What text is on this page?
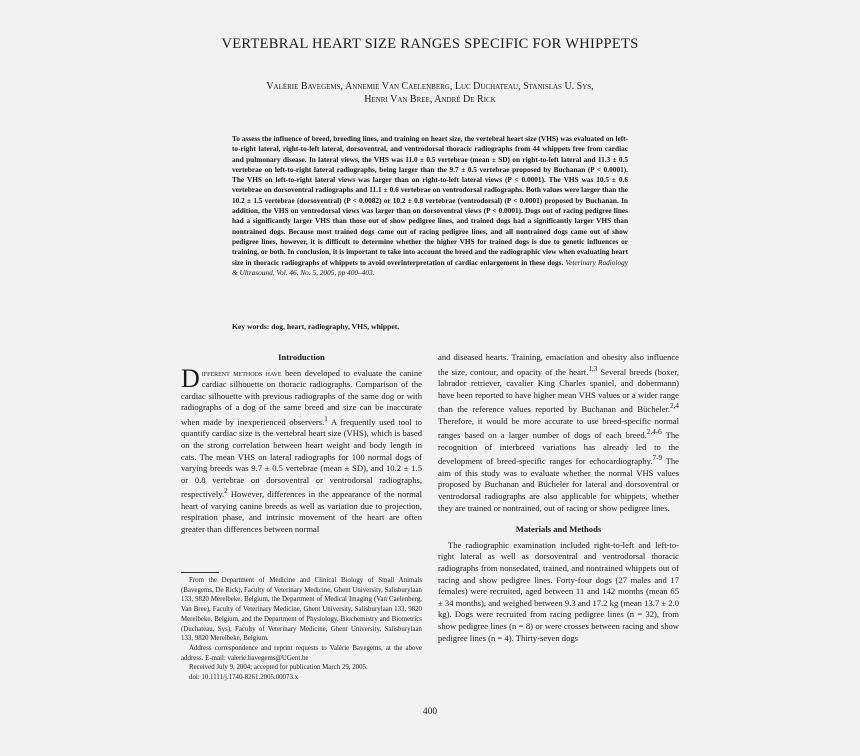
VERTEBRAL HEART SIZE RANGES SPECIFIC FOR WHIPPETS
Valérie Bavegems, Annemie Van Caelenberg, Luc Duchateau, Stanislas U. Sys,
Henri Van Bree, André De Rick

To assess the influence of breed, breeding lines, and training on heart size, the vertebral heart size (VHS) was evaluated on left-to-right lateral, right-to-left lateral, dorsoventral, and ventrodorsal thoracic radiographs from 44 whippets free from cardiac and pulmonary disease. In lateral views, the VHS was 11.0 ± 0.5 vertebrae (mean ± SD) on right-to-left lateral and 11.3 ± 0.5 vertebrae on left-to-right lateral radiographs, being larger than the 9.7 ± 0.5 vertebrae proposed by Buchanan (P < 0.0001). The VHS on left-to-right lateral views was larger than on right-to-left lateral views (P < 0.0001). The VHS was 10.5 ± 0.6 vertebrae on dorsoventral radiographs and 11.1 ± 0.6 vertebrae on ventrodorsal radiographs. Both values were larger than the 10.2 ± 1.5 vertebrae (dorsoventral) (P < 0.0082) or 10.2 ± 0.8 vertebrae (ventrodorsal) (P < 0.0001) proposed by Buchanan. In addition, the VHS on ventrodorsal views was larger than on dorsoventral views (P < 0.0001). Dogs out of racing pedigree lines had a significantly larger VHS than those out of show pedigree lines, and trained dogs had a significantly larger VHS than nontrained dogs. Because most trained dogs came out of racing pedigree lines, and all nontrained dogs came out of show pedigree lines, however, it is difficult to determine whether the higher VHS for trained dogs is due to genetic influences or training, or both. In conclusion, it is important to take into account the breed and the radiographic view when evaluating heart size in thoracic radiographs of whippets to avoid overinterpretation of cardiac enlargement in these dogs. Veterinary Radiology & Ultrasound, Vol. 46, No. 5, 2005, pp 400–403.

Key words: dog, heart, radiography, VHS, whippet.
Introduction

Different methods have been developed to evaluate the canine cardiac silhouette on thoracic radiographs. Comparison of the cardiac silhouette with previous radiographs of the same dog or with radiographs of a dog of the same breed and size can be inaccurate when made by inexperienced observers.$^1$ A frequently used tool to quantify cardiac size is the vertebral heart size (VHS), which is based on the strong correlation between heart weight and body length in cats. The mean VHS on lateral radiographs for 100 normal dogs of varying breeds was 9.7 ± 0.5 vertebrae (mean ± SD), and 10.2 ± 1.5 or 0.8 vertebrae on dorsoventral or ventrodorsal radiographs, respectively.$^2$ However, differences in the appearance of the normal heart of varying canine breeds as well as variation due to projection, respiration phase, and intrinsic movement of the heart are often greater than differences between normal

From the Department of Medicine and Clinical Biology of Small Animals (Bavegems, De Rick), Faculty of Veterinary Medicine, Ghent University, Salisburylaan 133, 9820 Merelbeke, Belgium, the Department of Medical Imaging (Van Caelenberg, Van Bree), Faculty of Veterinary Medicine, Ghent University, Salisburylaan 133, 9820 Merelbeke, Belgium, and the Department of Physiology, Biochemistry and Biometrics (Duchateau, Sys), Faculty of Veterinary Medicine, Ghent University, Salisburylaan 133, 9820 Merelbeke, Belgium.

Address correspondence and reprint requests to Valérie Bavegems, at the above address. E-mail: valerie.bavegems@UGent.be

Received July 9, 2004; accepted for publication March 29, 2005.

doi: 10.1111/j.1740-8261.2005.00073.x

and diseased hearts. Training, emaciation and obesity also influence the size, contour, and opacity of the heart.$^{1,3}$ Several breeds (boxer, labrador retriever, cavalier King Charles spaniel, and dobermann) have been reported to have higher mean VHS values or a wider range than the reference values reported by Buchanan and Bücheler.$^{2,4}$ Therefore, it would be more accurate to use breed-specific normal ranges based on a larger number of dogs of each breed.$^{2,4-6}$ The recognition of interbreed variations has already led to the development of breed-specific ranges for echocardiography.$^{7-9}$ The aim of this study was to evaluate whether the normal VHS values proposed by Buchanan and Bücheler for lateral and dorsoventral or ventrodorsal radiographs are also applicable for whippets, whether they are trained or nontrained, out of racing or show pedigree lines.

Materials and Methods

The radiographic examination included right-to-left and left-to-right lateral as well as dorsoventral and ventrodorsal thoracic radiographs from nonsedated, trained, and nontrained whippets out of racing and show pedigree lines. Forty-four dogs (27 males and 17 females) were recruited, aged between 11 and 142 months (mean 65 ± 34 months), and weighed between 9.3 and 17.2 kg (mean 13.7 ± 2.0 kg). Dogs were recruited from racing pedigree lines (n = 32), from show pedigree lines (n = 8) or were crosses between racing and show pedigree lines (n = 4). Thirty-seven dogs

400
